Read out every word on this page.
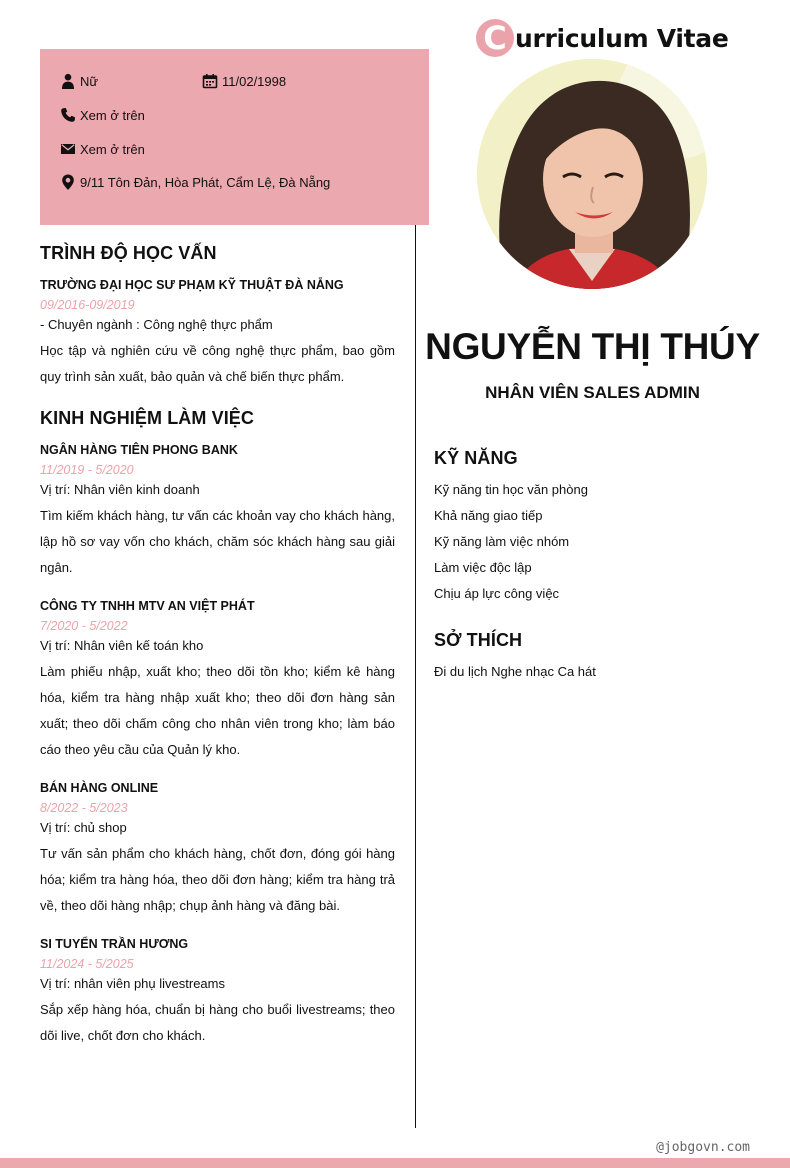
C urriculum Vitae
Nữ	11/02/1998
Xem ở trên
Xem ở trên
9/11 Tôn Đản, Hòa Phát, Cẩm Lệ, Đà Nẵng
NGUYỄN THỊ THÚY
NHÂN VIÊN SALES ADMIN
TRÌNH ĐỘ HỌC VẤN
TRƯỜNG ĐẠI HỌC SƯ PHẠM KỸ THUẬT ĐÀ NẴNG
09/2016-09/2019
- Chuyên ngành : Công nghệ thực phẩm
Học tập và nghiên cứu về công nghệ thực phẩm, bao gồm quy trình sản xuất, bảo quản và chế biến thực phẩm.
KINH NGHIỆM LÀM VIỆC
NGÂN HÀNG TIÊN PHONG BANK
11/2019 - 5/2020
Vị trí: Nhân viên kinh doanh
Tìm kiếm khách hàng, tư vấn các khoản vay cho khách hàng, lập hồ sơ vay vốn cho khách, chăm sóc khách hàng sau giải ngân.
CÔNG TY TNHH MTV AN VIỆT PHÁT
7/2020 - 5/2022
Vị trí: Nhân viên kế toán kho
Làm phiếu nhập, xuất kho; theo dõi tồn kho; kiểm kê hàng hóa, kiểm tra hàng nhập xuất kho; theo dõi đơn hàng sản xuất; theo dõi chấm công cho nhân viên trong kho; làm báo cáo theo yêu cầu của Quản lý kho.
BÁN HÀNG ONLINE
8/2022 - 5/2023
Vị trí: chủ shop
Tư vấn sản phẩm cho khách hàng, chốt đơn, đóng gói hàng hóa; kiểm tra hàng hóa, theo dõi đơn hàng; kiểm tra hàng trả về, theo dõi hàng nhập; chụp ảnh hàng và đăng bài.
SI TUYỂN TRẦN HƯƠNG
11/2024 - 5/2025
Vị trí: nhân viên phụ livestreams
Sắp xếp hàng hóa, chuẩn bị hàng cho buổi livestreams; theo dõi live, chốt đơn cho khách.
KỸ NĂNG
Kỹ năng tin học văn phòng
Khả năng giao tiếp
Kỹ năng làm việc nhóm
Làm việc độc lập
Chịu áp lực công việc
SỞ THÍCH
Đi du lịch Nghe nhạc Ca hát
@jobgovn.com
